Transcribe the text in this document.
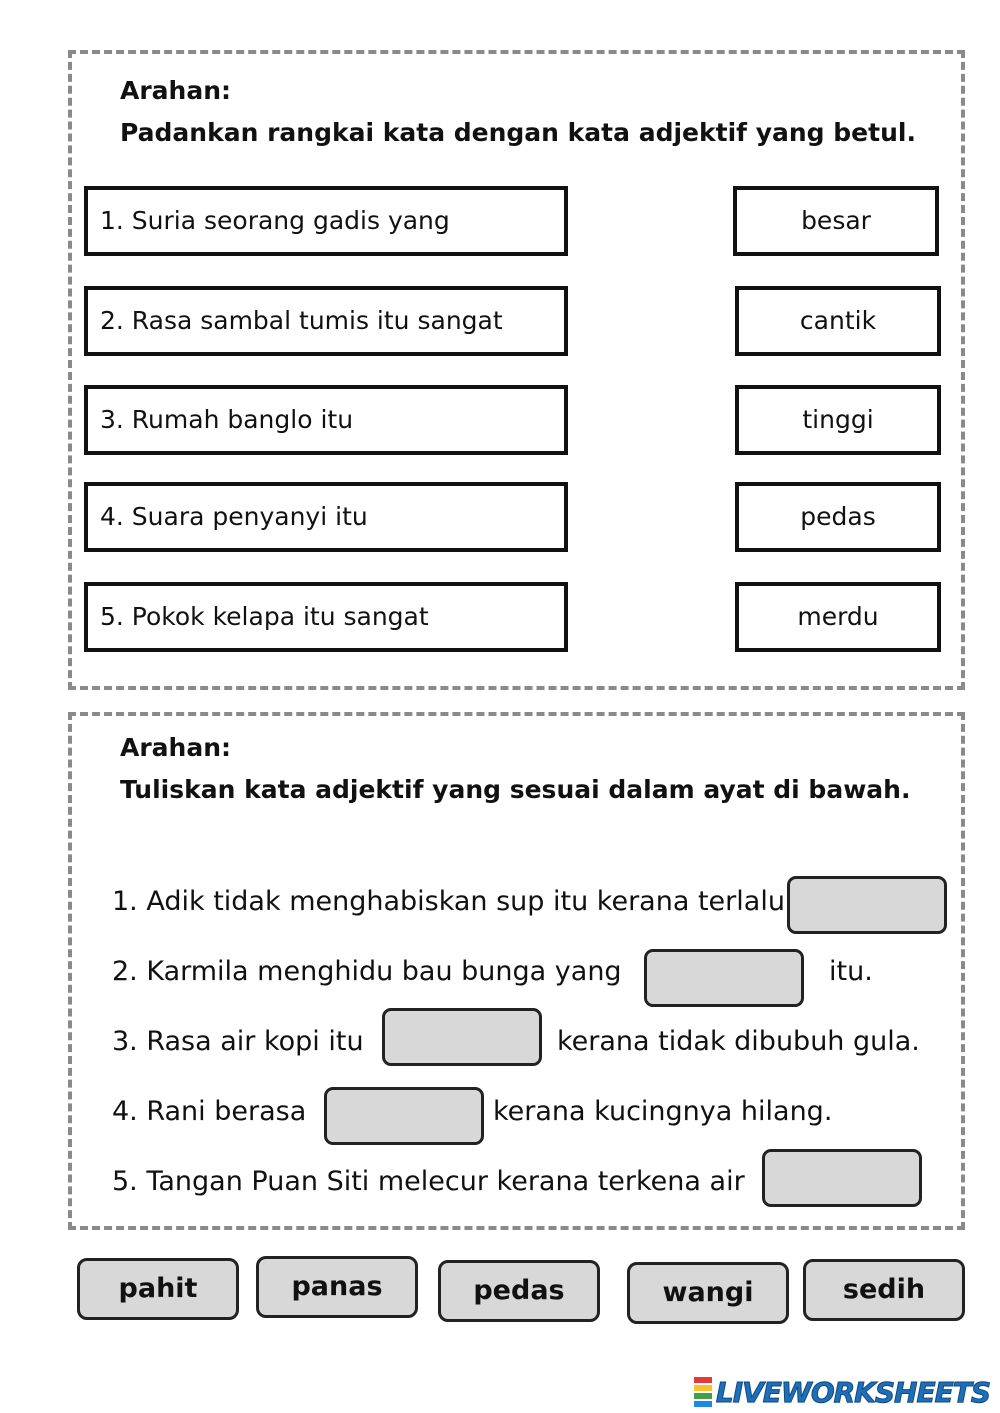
Arahan:
Padankan rangkai kata dengan kata adjektif yang betul.
1. Suria seorang gadis yang
2. Rasa sambal tumis itu sangat
3. Rumah banglo itu
4. Suara penyanyi itu
5. Pokok kelapa itu sangat
besar
cantik
tinggi
pedas
merdu
Arahan:
Tuliskan kata adjektif yang sesuai dalam ayat di bawah.
1. Adik tidak menghabiskan sup itu kerana terlalu
2. Karmila menghidu bau bunga yang	itu.
3. Rasa air kopi itu	kerana tidak dibubuh gula.
4. Rani berasa	kerana kucingnya hilang.
5. Tangan Puan Siti melecur kerana terkena air
pahit	panas	pedas	wangi	sedih
LIVEWORKSHEETS
